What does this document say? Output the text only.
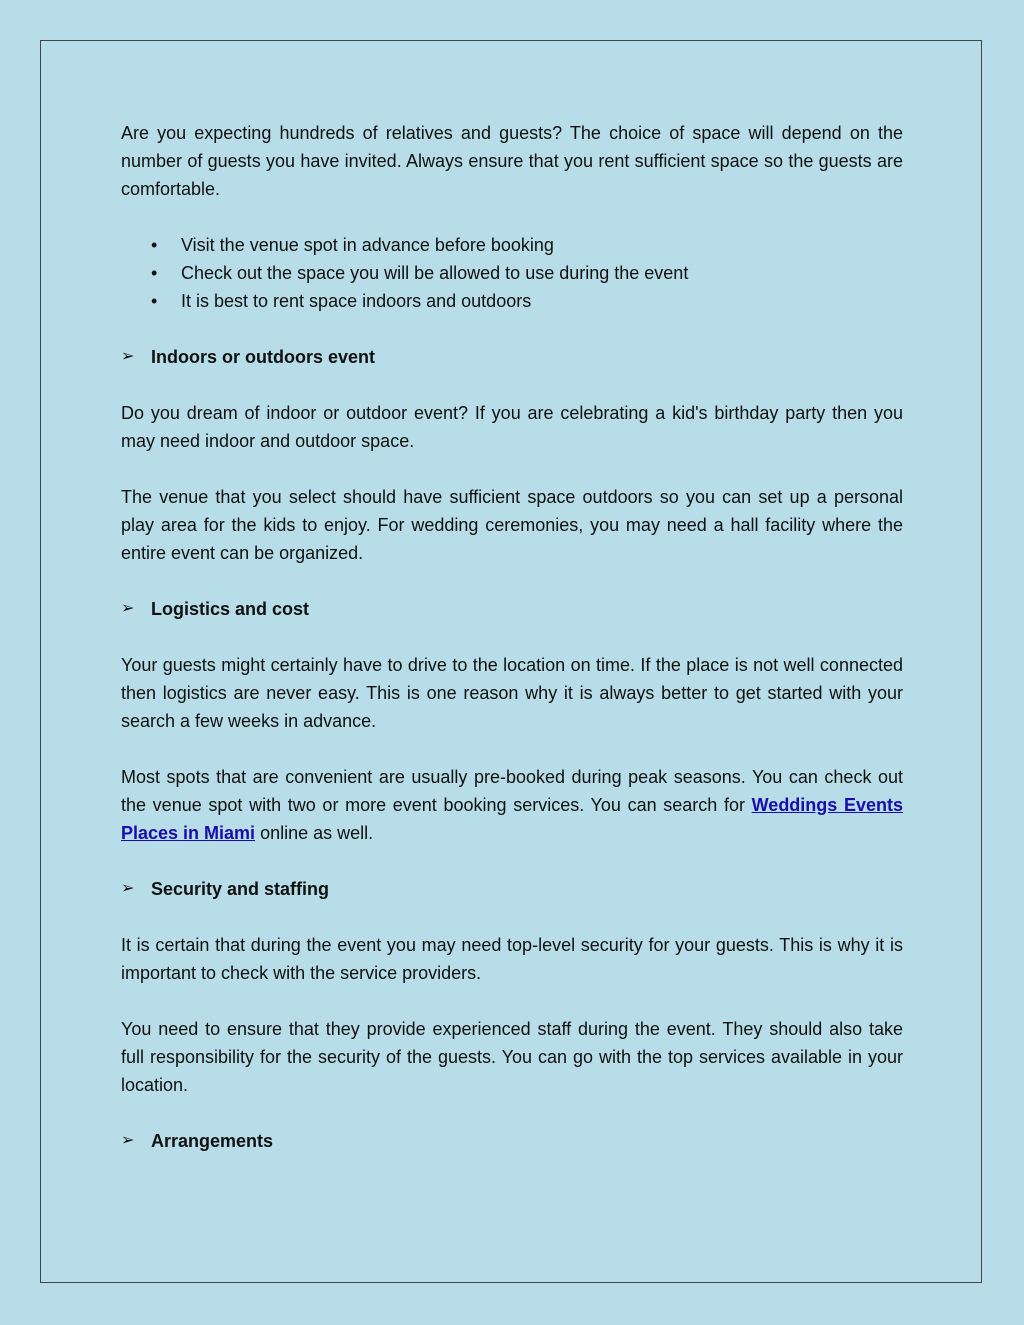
Are you expecting hundreds of relatives and guests? The choice of space will depend on the number of guests you have invited. Always ensure that you rent sufficient space so the guests are comfortable.

• Visit the venue spot in advance before booking
• Check out the space you will be allowed to use during the event
• It is best to rent space indoors and outdoors
➢ Indoors or outdoors event

Do you dream of indoor or outdoor event? If you are celebrating a kid's birthday party then you may need indoor and outdoor space.

The venue that you select should have sufficient space outdoors so you can set up a personal play area for the kids to enjoy. For wedding ceremonies, you may need a hall facility where the entire event can be organized.

➢ Logistics and cost

Your guests might certainly have to drive to the location on time. If the place is not well connected then logistics are never easy. This is one reason why it is always better to get started with your search a few weeks in advance.

Most spots that are convenient are usually pre-booked during peak seasons. You can check out the venue spot with two or more event booking services. You can search for Weddings Events Places in Miami online as well.

➢ Security and staffing

It is certain that during the event you may need top-level security for your guests. This is why it is important to check with the service providers.

You need to ensure that they provide experienced staff during the event. They should also take full responsibility for the security of the guests. You can go with the top services available in your location.

➢ Arrangements
